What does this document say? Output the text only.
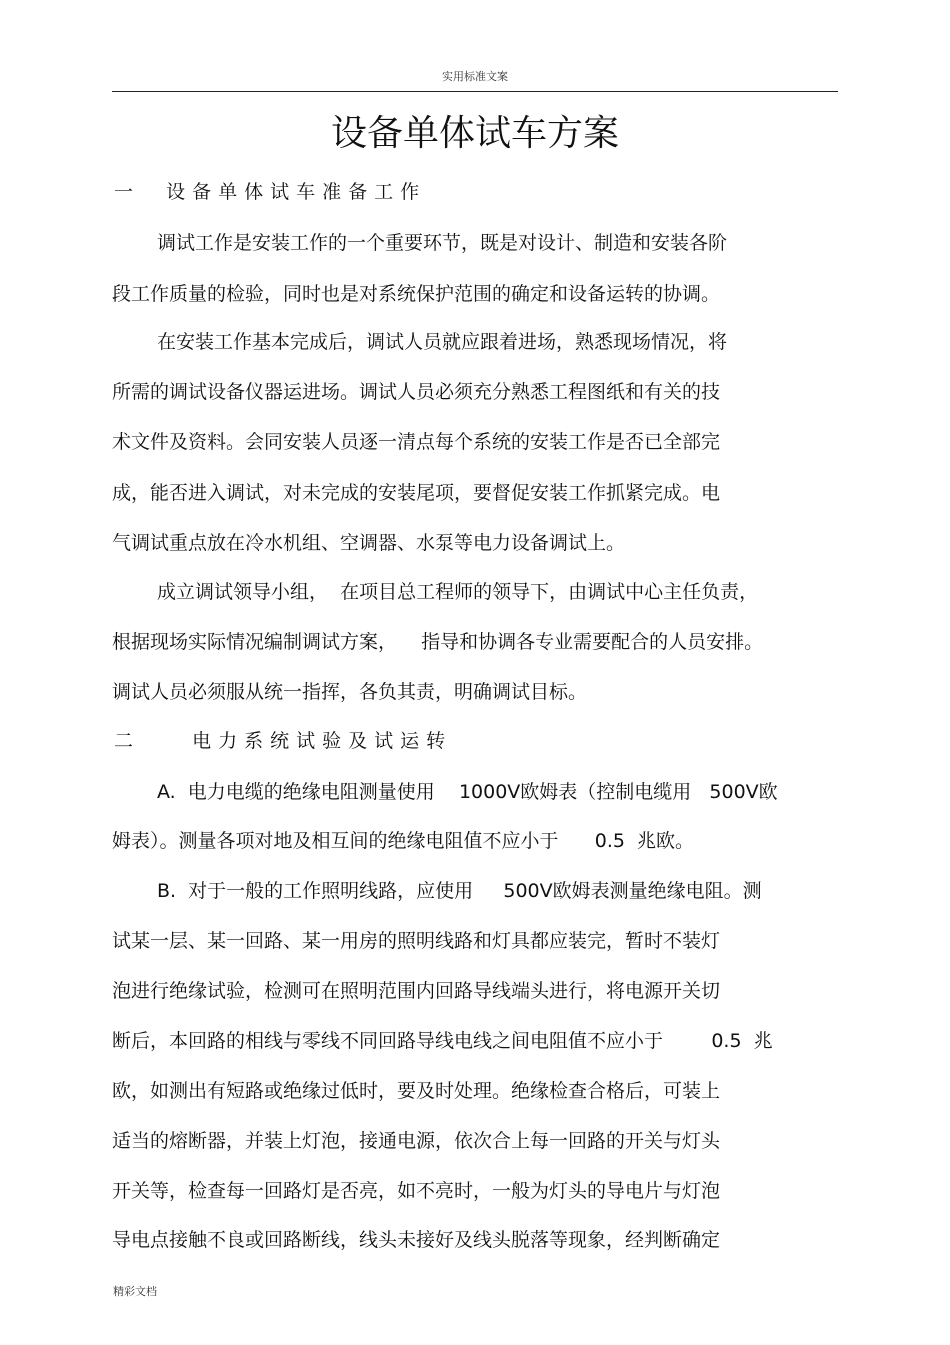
实用标准文案
设备单体试车方案
一  设备单体试车准备工作
调试工作是安装工作的一个重要环节，既是对设计、制造和安装各阶
段工作质量的检验，同时也是对系统保护范围的确定和设备运转的协调。
在安装工作基本完成后，调试人员就应跟着进场，熟悉现场情况，将
所需的调试设备仪器运进场。调试人员必须充分熟悉工程图纸和有关的技
术文件及资料。会同安装人员逐一清点每个系统的安装工作是否已全部完
成，能否进入调试，对未完成的安装尾项，要督促安装工作抓紧完成。电
气调试重点放在冷水机组、空调器、水泵等电力设备调试上。
成立调试领导小组，  在项目总工程师的领导下，由调试中心主任负责，
根据现场实际情况编制调试方案，    指导和协调各专业需要配合的人员安排。
调试人员必须服从统一指挥，各负其责，明确调试目标。
二    电力系统试验及试运转
A.  电力电缆的绝缘电阻测量使用    1000V欧姆表（控制电缆用   500V欧
姆表）。测量各项对地及相互间的绝缘电阻值不应小于      0.5  兆欧。
B.  对于一般的工作照明线路，应使用     500V欧姆表测量绝缘电阻。测
试某一层、某一回路、某一用房的照明线路和灯具都应装完，暂时不装灯
泡进行绝缘试验，检测可在照明范围内回路导线端头进行，将电源开关切
断后，本回路的相线与零线不同回路导线电线之间电阻值不应小于        0.5  兆
欧，如测出有短路或绝缘过低时，要及时处理。绝缘检查合格后，可装上
适当的熔断器，并装上灯泡，接通电源，依次合上每一回路的开关与灯头
开关等，检查每一回路灯是否亮，如不亮时，一般为灯头的导电片与灯泡
导电点接触不良或回路断线，线头未接好及线头脱落等现象，经判断确定
精彩文档
